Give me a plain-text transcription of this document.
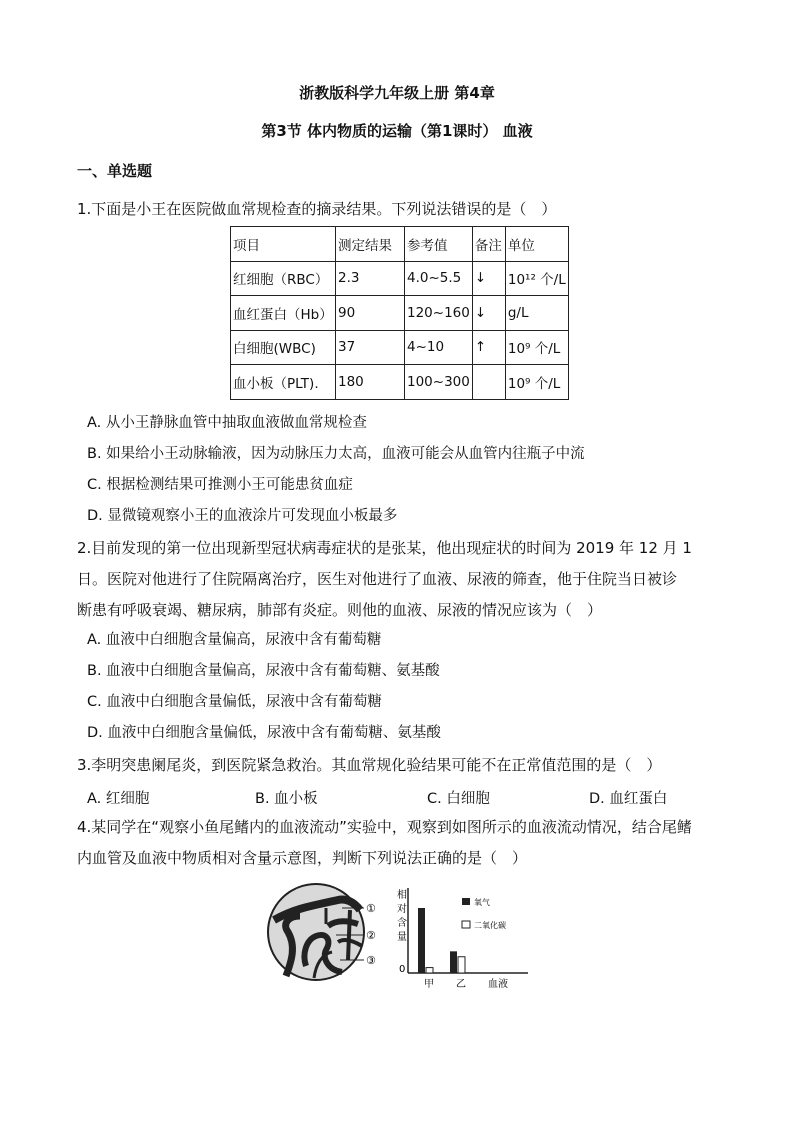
浙教版科学九年级上册 第4章
第3节 体内物质的运输（第1课时） 血液
一、单选题
1.下面是小王在医院做血常规检查的摘录结果。下列说法错误的是（　）
项目	测定结果	参考值	备注	单位
红细胞（RBC）	2.3	4.0~5.5	↓	10¹² 个/L
血红蛋白（Hb）	90	120~160	↓	g/L
白细胞(WBC)	37	4~10	↑	10⁹ 个/L
血小板（PLT).	180	100~300		10⁹ 个/L
A. 从小王静脉血管中抽取血液做血常规检查
B. 如果给小王动脉输液，因为动脉压力太高，血液可能会从血管内往瓶子中流
C. 根据检测结果可推测小王可能患贫血症
D. 显微镜观察小王的血液涂片可发现血小板最多
2.目前发现的第一位出现新型冠状病毒症状的是张某，他出现症状的时间为 2019 年 12 月 1
日。医院对他进行了住院隔离治疗，医生对他进行了血液、尿液的筛查，他于住院当日被诊
断患有呼吸衰竭、糖尿病，肺部有炎症。则他的血液、尿液的情况应该为（　）
A. 血液中白细胞含量偏高，尿液中含有葡萄糖
B. 血液中白细胞含量偏高，尿液中含有葡萄糖、氨基酸
C. 血液中白细胞含量偏低，尿液中含有葡萄糖
D. 血液中白细胞含量偏低，尿液中含有葡萄糖、氨基酸
3.李明突患阑尾炎，到医院紧急救治。其血常规化验结果可能不在正常值范围的是（　）
A. 红细胞	B. 血小板	C. 白细胞	D. 血红蛋白
4.某同学在“观察小鱼尾鳍内的血液流动”实验中，观察到如图所示的血液流动情况，结合尾鳍
内血管及血液中物质相对含量示意图，判断下列说法正确的是（　）
①
②
③
相
对
含
量
0
氧气
二氧化碳
甲 乙 血液
